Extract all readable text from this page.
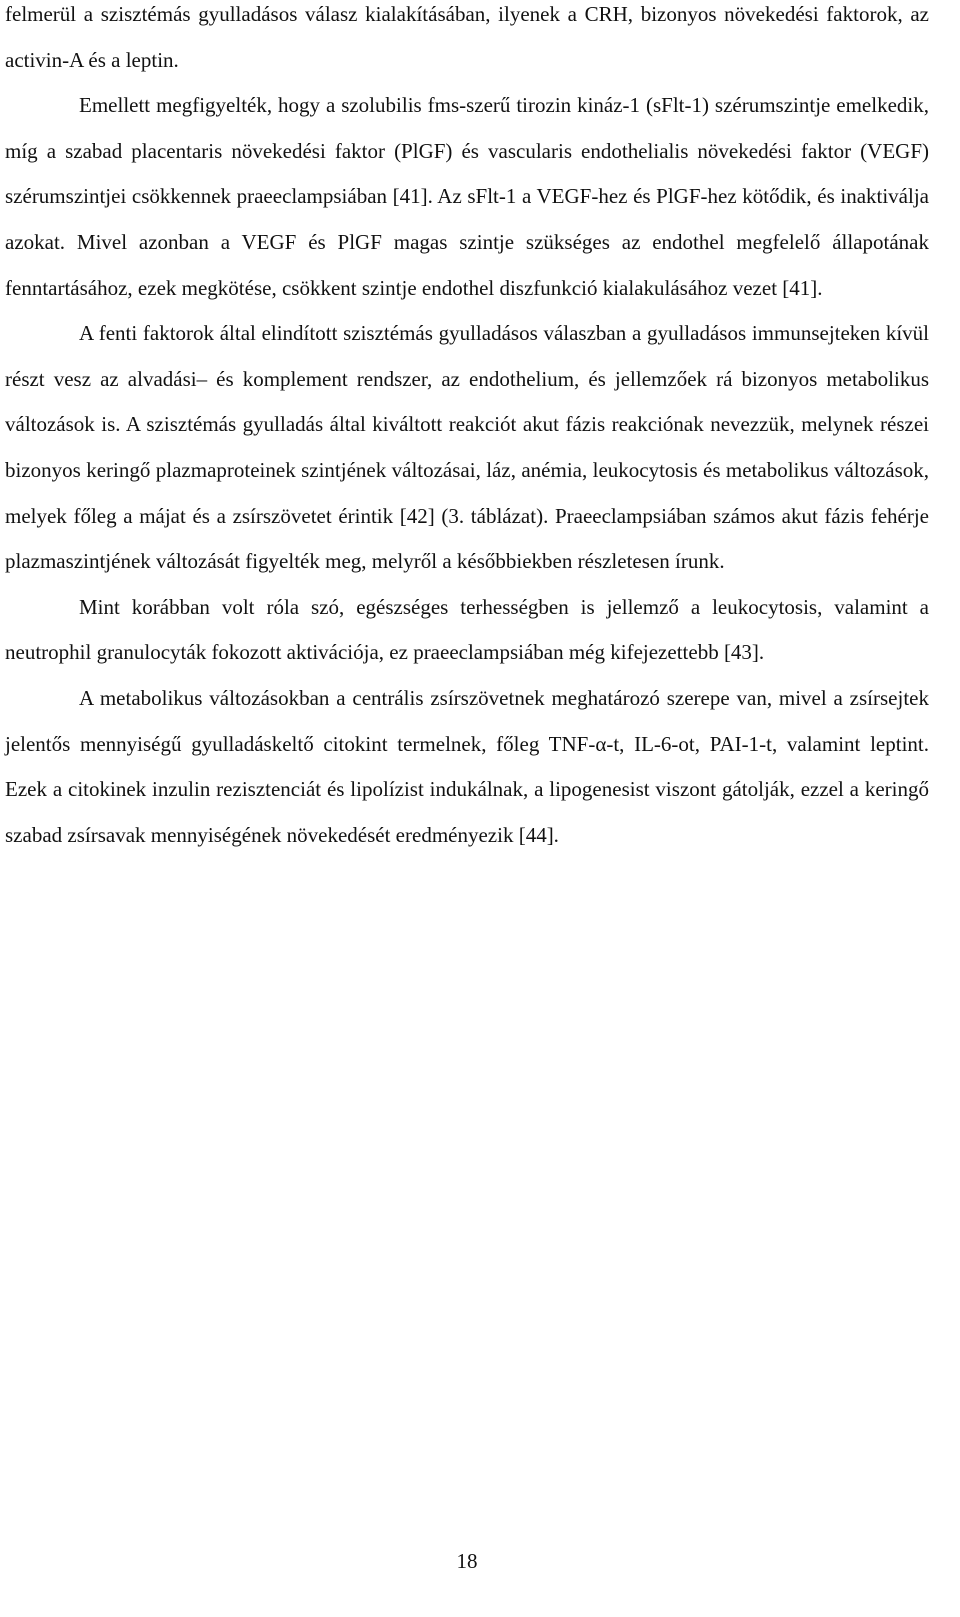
felmerül a szisztémás gyulladásos válasz kialakításában, ilyenek a CRH, bizonyos növekedési faktorok, az activin-A és a leptin.

Emellett megfigyelték, hogy a szolubilis fms-szerű tirozin kináz-1 (sFlt-1) szérumszintje emelkedik, míg a szabad placentaris növekedési faktor (PlGF) és vascularis endothelialis növekedési faktor (VEGF) szérumszintjei csökkennek praeeclampsiában [41]. Az sFlt-1 a VEGF-hez és PlGF-hez kötődik, és inaktiválja azokat. Mivel azonban a VEGF és PlGF magas szintje szükséges az endothel megfelelő állapotának fenntartásához, ezek megkötése, csökkent szintje endothel diszfunkció kialakulásához vezet [41].

A fenti faktorok által elindított szisztémás gyulladásos válaszban a gyulladásos immunsejteken kívül részt vesz az alvadási– és komplement rendszer, az endothelium, és jellemzőek rá bizonyos metabolikus változások is. A szisztémás gyulladás által kiváltott reakciót akut fázis reakciónak nevezzük, melynek részei bizonyos keringő plazmaproteinek szintjének változásai, láz, anémia, leukocytosis és metabolikus változások, melyek főleg a májat és a zsírszövetet érintik [42] (3. táblázat). Praeeclampsiában számos akut fázis fehérje plazmaszintjének változását figyelték meg, melyről a későbbiekben részletesen írunk.

Mint korábban volt róla szó, egészséges terhességben is jellemző a leukocytosis, valamint a neutrophil granulocyták fokozott aktivációja, ez praeeclampsiában még kifejezettebb [43].

A metabolikus változásokban a centrális zsírszövetnek meghatározó szerepe van, mivel a zsírsejtek jelentős mennyiségű gyulladáskeltő citokint termelnek, főleg TNF-α-t, IL-6-ot, PAI-1-t, valamint leptint. Ezek a citokinek inzulin rezisztenciát és lipolízist indukálnak, a lipogenesist viszont gátolják, ezzel a keringő szabad zsírsavak mennyiségének növekedését eredményezik [44].

18
